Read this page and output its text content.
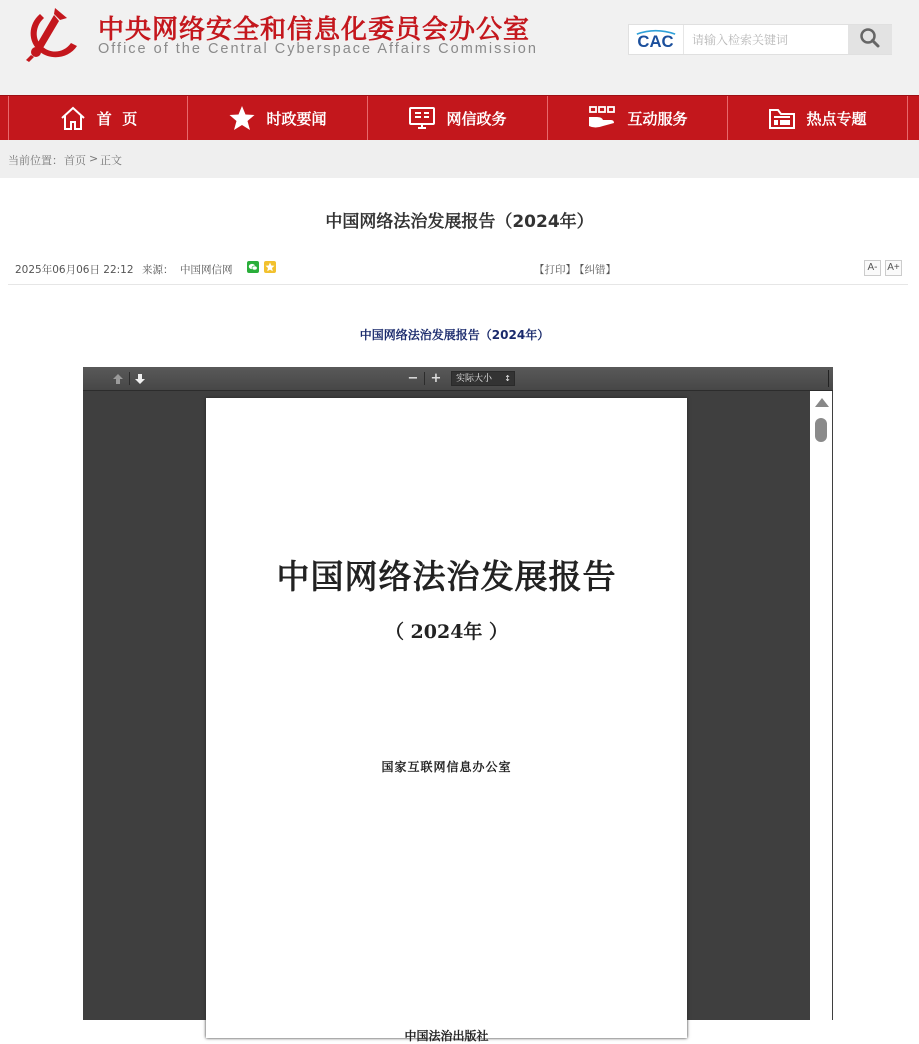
中央网络安全和信息化委员会办公室
Office of the Central Cyberspace Affairs Commission	CAC
请输入检索关键词
首  页	时政要闻	网信政务	互动服务	热点专题
当前位置： 首页 > 正文
中国网络法治发展报告（2024年）
2025年06月06日 22:12 来源： 中国网信网	【打印】
【纠错】	A- A+
中国网络法治发展报告（2024年）
− +	实际大小 ↕
中国网络法治发展报告
（ 2024年 ）
国家互联网信息办公室
中国法治出版社
